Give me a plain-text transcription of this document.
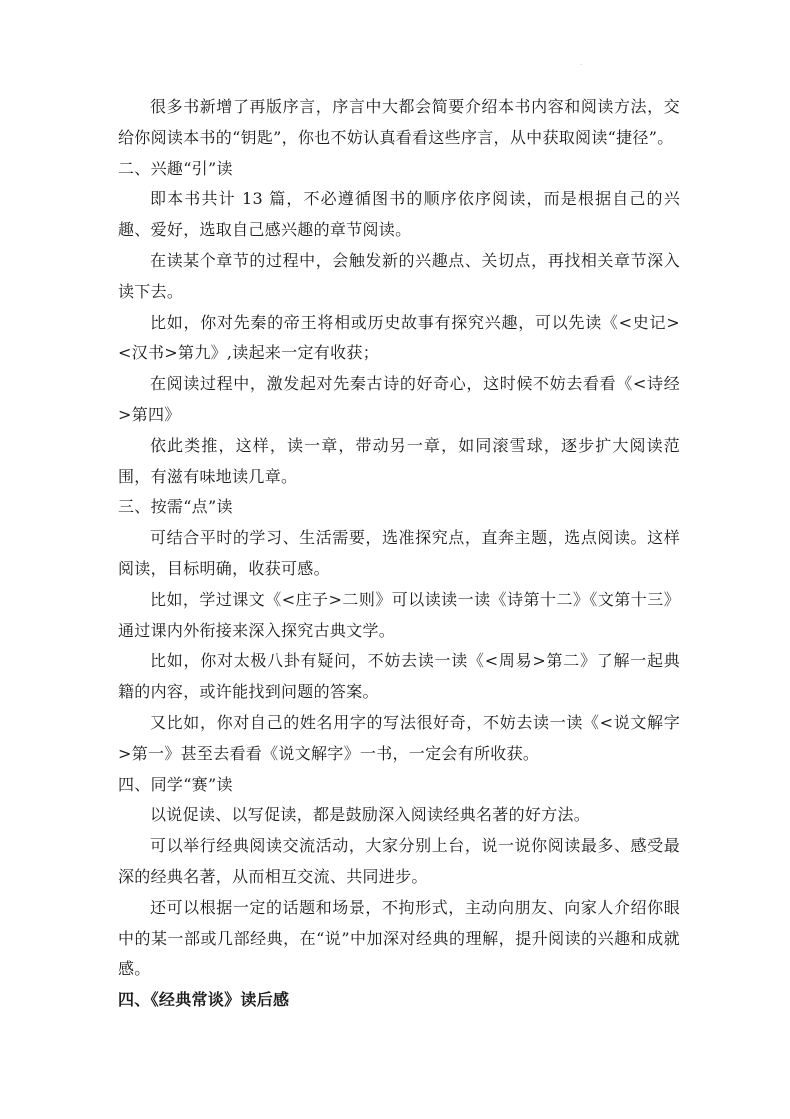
·

很多书新增了再版序言，序言中大都会简要介绍本书内容和阅读方法，交给你阅读本书的“钥匙”，你也不妨认真看看这些序言，从中获取阅读“捷径”。

二、兴趣“引”读

即本书共计 13 篇，不必遵循图书的顺序依序阅读，而是根据自己的兴趣、爱好，选取自己感兴趣的章节阅读。

在读某个章节的过程中，会触发新的兴趣点、关切点，再找相关章节深入读下去。

比如，你对先秦的帝王将相或历史故事有探究兴趣，可以先读《<史记><汉书>第九》,读起来一定有收获；

在阅读过程中，激发起对先秦古诗的好奇心，这时候不妨去看看《<诗经>第四》

依此类推，这样，读一章，带动另一章，如同滚雪球，逐步扩大阅读范围，有滋有味地读几章。

三、按需“点”读

可结合平时的学习、生活需要，选准探究点，直奔主题，选点阅读。这样阅读，目标明确，收获可感。

比如，学过课文《<庄子>二则》可以读读一读《诗第十二》《文第十三》通过课内外衔接来深入探究古典文学。

比如，你对太极八卦有疑问，不妨去读一读《<周易>第二》了解一起典籍的内容，或许能找到问题的答案。

又比如，你对自己的姓名用字的写法很好奇，不妨去读一读《<说文解字>第一》甚至去看看《说文解字》一书，一定会有所收获。

四、同学“赛”读

以说促读、以写促读，都是鼓励深入阅读经典名著的好方法。

可以举行经典阅读交流活动，大家分别上台，说一说你阅读最多、感受最深的经典名著，从而相互交流、共同进步。

还可以根据一定的话题和场景，不拘形式，主动向朋友、向家人介绍你眼中的某一部或几部经典，在“说”中加深对经典的理解，提升阅读的兴趣和成就感。

四、《经典常谈》读后感
